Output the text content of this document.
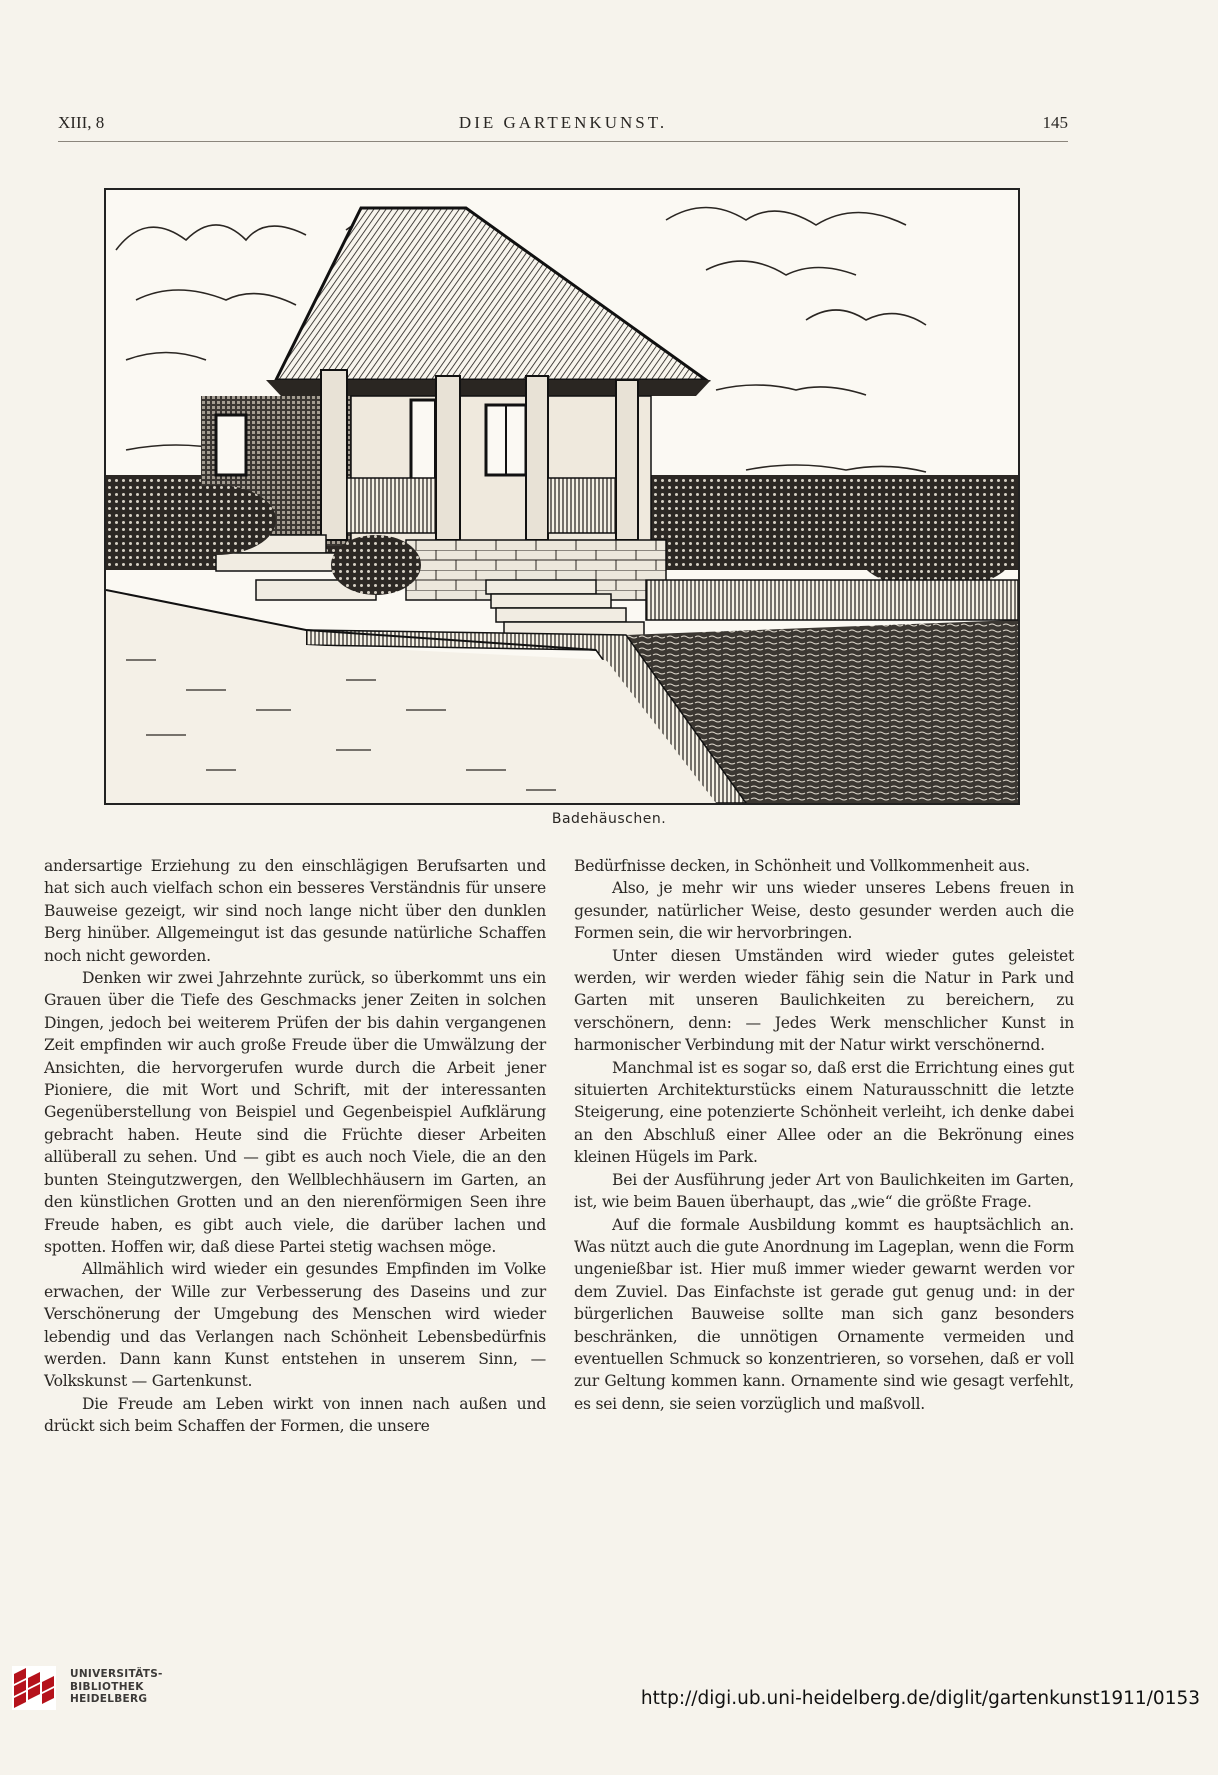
XIII, 8	DIE GARTENKUNST.	145
Badehäuschen.

andersartige Erziehung zu den einschlägigen Berufsarten und hat sich auch vielfach schon ein besseres Verständnis für unsere Bauweise gezeigt, wir sind noch lange nicht über den dunklen Berg hinüber. Allgemeingut ist das gesunde natürliche Schaffen noch nicht geworden.

Denken wir zwei Jahrzehnte zurück, so überkommt uns ein Grauen über die Tiefe des Geschmacks jener Zeiten in solchen Dingen, jedoch bei weiterem Prüfen der bis dahin vergangenen Zeit empfinden wir auch große Freude über die Umwälzung der Ansichten, die hervorgerufen wurde durch die Arbeit jener Pioniere, die mit Wort und Schrift, mit der interessanten Gegenüberstellung von Beispiel und Gegenbeispiel Aufklärung gebracht haben. Heute sind die Früchte dieser Arbeiten allüberall zu sehen. Und — gibt es auch noch Viele, die an den bunten Steingutzwergen, den Wellblechhäusern im Garten, an den künstlichen Grotten und an den nierenförmigen Seen ihre Freude haben, es gibt auch viele, die darüber lachen und spotten. Hoffen wir, daß diese Partei stetig wachsen möge.

Allmählich wird wieder ein gesundes Empfinden im Volke erwachen, der Wille zur Verbesserung des Daseins und zur Verschönerung der Umgebung des Menschen wird wieder lebendig und das Verlangen nach Schönheit Lebensbedürfnis werden. Dann kann Kunst entstehen in unserem Sinn, — Volkskunst — Gartenkunst.

Die Freude am Leben wirkt von innen nach außen und drückt sich beim Schaffen der Formen, die unsere

Bedürfnisse decken, in Schönheit und Vollkommenheit aus.

Also, je mehr wir uns wieder unseres Lebens freuen in gesunder, natürlicher Weise, desto gesunder werden auch die Formen sein, die wir hervorbringen.

Unter diesen Umständen wird wieder gutes geleistet werden, wir werden wieder fähig sein die Natur in Park und Garten mit unseren Baulichkeiten zu bereichern, zu verschönern, denn: — Jedes Werk menschlicher Kunst in harmonischer Verbindung mit der Natur wirkt verschönernd.

Manchmal ist es sogar so, daß erst die Errichtung eines gut situierten Architekturstücks einem Naturausschnitt die letzte Steigerung, eine potenzierte Schönheit verleiht, ich denke dabei an den Abschluß einer Allee oder an die Bekrönung eines kleinen Hügels im Park.

Bei der Ausführung jeder Art von Baulichkeiten im Garten, ist, wie beim Bauen überhaupt, das „wie“ die größte Frage.

Auf die formale Ausbildung kommt es hauptsächlich an. Was nützt auch die gute Anordnung im Lageplan, wenn die Form ungenießbar ist. Hier muß immer wieder gewarnt werden vor dem Zuviel. Das Einfachste ist gerade gut genug und: in der bürgerlichen Bauweise sollte man sich ganz besonders beschränken, die unnötigen Ornamente vermeiden und eventuellen Schmuck so konzentrieren, so vorsehen, daß er voll zur Geltung kommen kann. Ornamente sind wie gesagt verfehlt, es sei denn, sie seien vorzüglich und maßvoll.

UNIVERSITÄTS-
BIBLIOTHEK
HEIDELBERG	http://digi.ub.uni-heidelberg.de/diglit/gartenkunst1911/0153
